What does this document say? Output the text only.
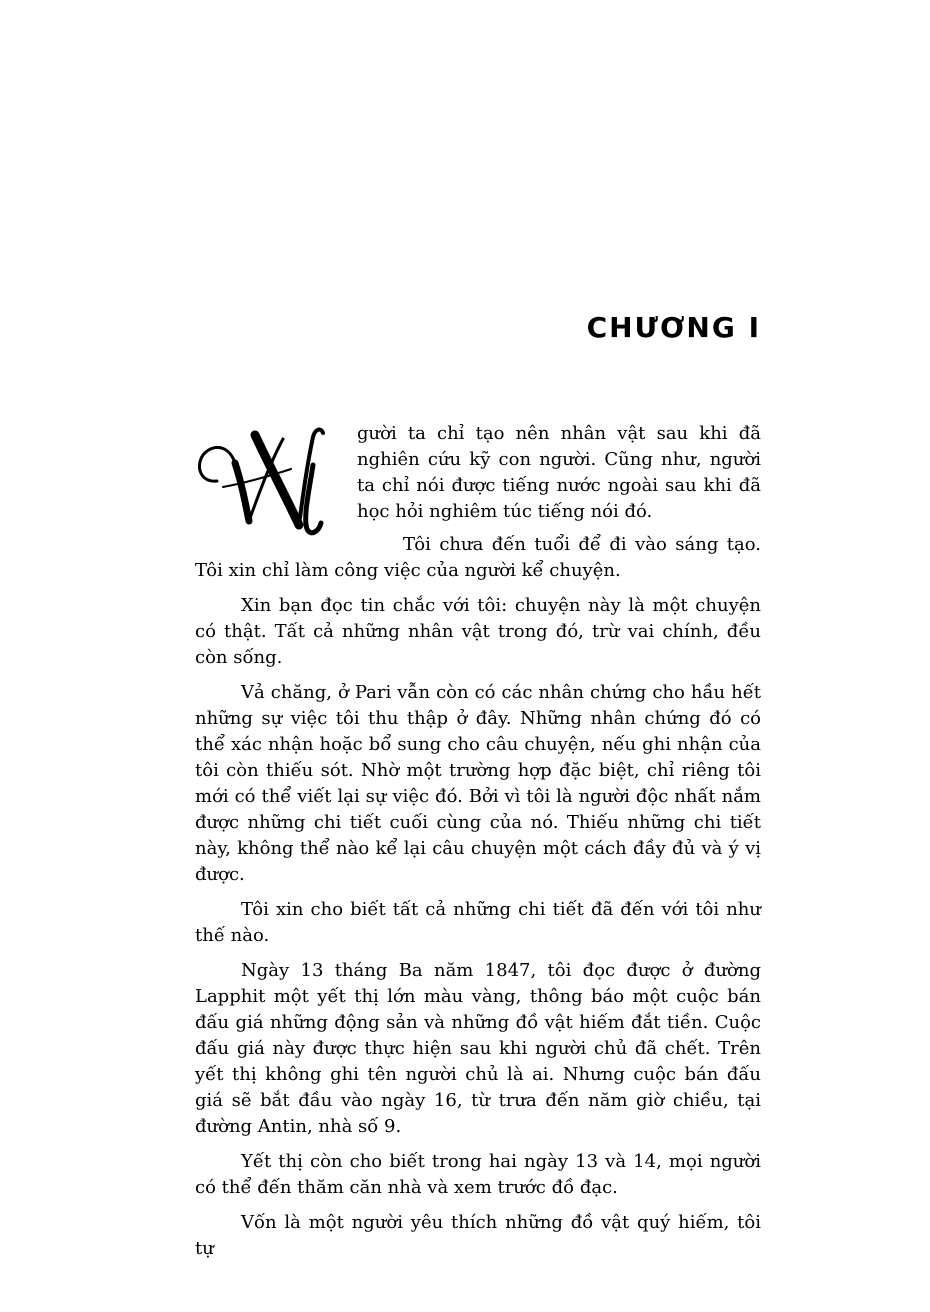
CHƯƠNG I

gười ta chỉ tạo nên nhân vật sau khi đã nghiên cứu kỹ con người. Cũng như, người ta chỉ nói được tiếng nước ngoài sau khi đã học hỏi nghiêm túc tiếng nói đó.

Tôi chưa đến tuổi để đi vào sáng tạo. Tôi xin chỉ làm công việc của người kể chuyện.

Xin bạn đọc tin chắc với tôi: chuyện này là một chuyện có thật. Tất cả những nhân vật trong đó, trừ vai chính, đều còn sống.

Vả chăng, ở Pari vẫn còn có các nhân chứng cho hầu hết những sự việc tôi thu thập ở đây. Những nhân chứng đó có thể xác nhận hoặc bổ sung cho câu chuyện, nếu ghi nhận của tôi còn thiếu sót. Nhờ một trường hợp đặc biệt, chỉ riêng tôi mới có thể viết lại sự việc đó. Bởi vì tôi là người độc nhất nắm được những chi tiết cuối cùng của nó. Thiếu những chi tiết này, không thể nào kể lại câu chuyện một cách đầy đủ và ý vị được.

Tôi xin cho biết tất cả những chi tiết đã đến với tôi như thế nào.

Ngày 13 tháng Ba năm 1847, tôi đọc được ở đường Lapphit một yết thị lớn màu vàng, thông báo một cuộc bán đấu giá những động sản và những đồ vật hiếm đắt tiền. Cuộc đấu giá này được thực hiện sau khi người chủ đã chết. Trên yết thị không ghi tên người chủ là ai. Nhưng cuộc bán đấu giá sẽ bắt đầu vào ngày 16, từ trưa đến năm giờ chiều, tại đường Antin, nhà số 9.

Yết thị còn cho biết trong hai ngày 13 và 14, mọi người có thể đến thăm căn nhà và xem trước đồ đạc.

Vốn là một người yêu thích những đồ vật quý hiếm, tôi tự
